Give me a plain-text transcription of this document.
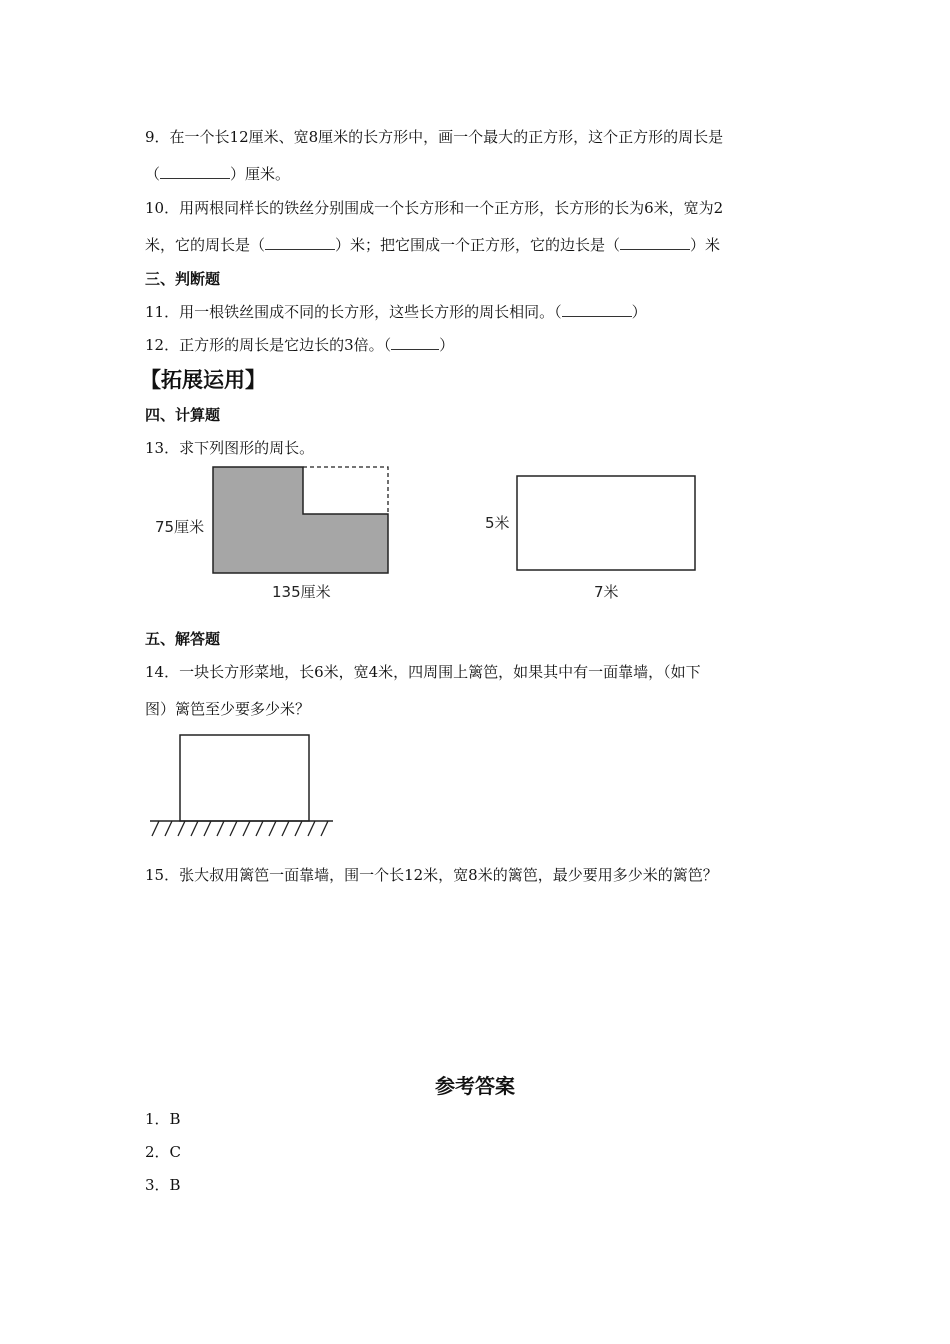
9．在一个长12厘米、宽8厘米的长方形中，画一个最大的正方形，这个正方形的周长是
（	）厘米。
10．用两根同样长的铁丝分别围成一个长方形和一个正方形，长方形的长为6米，宽为2
米，它的周长是（	）米；把它围成一个正方形，它的边长是（	）米
三、判断题
11．用一根铁丝围成不同的长方形，这些长方形的周长相同。（	）
12．正方形的周长是它边长的3倍。（	）
【拓展运用】
四、计算题
13．求下列图形的周长。
75厘米
135厘米
5米
7米
五、解答题
14．一块长方形菜地，长6米，宽4米，四周围上篱笆，如果其中有一面靠墙，（如下
图）篱笆至少要多少米？
15．张大叔用篱笆一面靠墙，围一个长12米，宽8米的篱笆，最少要用多少米的篱笆？
参考答案
1．B
2．C
3．B
